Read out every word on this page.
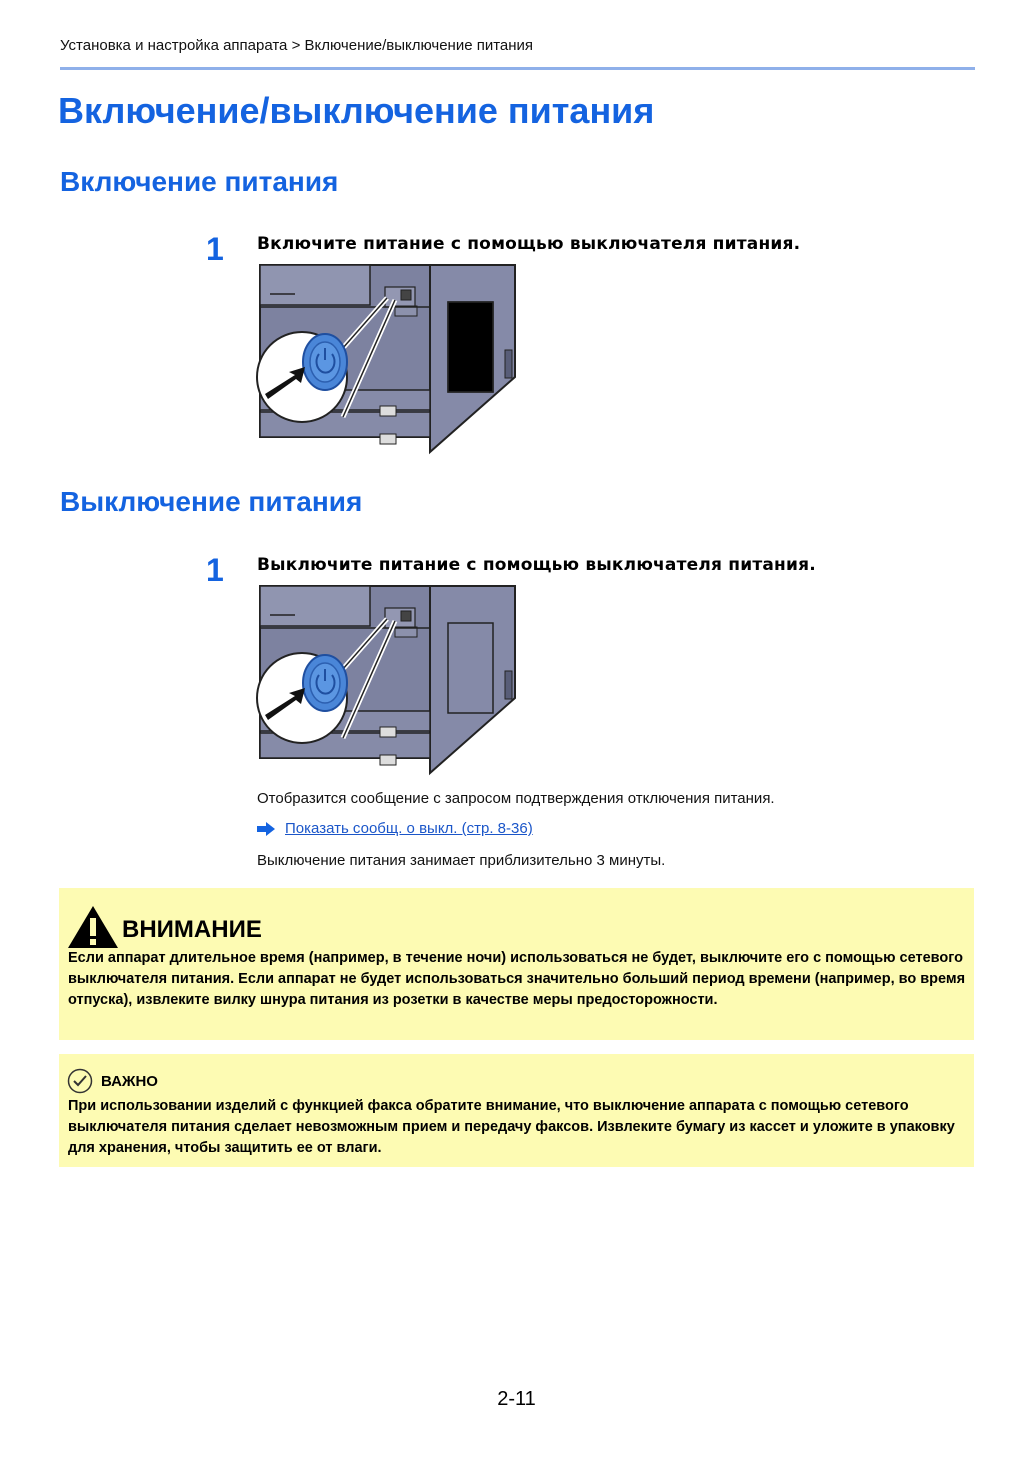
Установка и настройка аппарата > Включение/выключение питания
Включение/выключение питания
Включение питания
1 Включите питание с помощью выключателя питания.
Выключение питания
1 Выключите питание с помощью выключателя питания.
Отобразится сообщение с запросом подтверждения отключения питания.
Показать сообщ. о выкл. (стр. 8-36)
Выключение питания занимает приблизительно 3 минуты.
ВНИМАНИЕ
Если аппарат длительное время (например, в течение ночи) использоваться не будет, выключите его с помощью сетевого выключателя питания. Если аппарат не будет использоваться значительно больший период времени (например, во время отпуска), извлеките вилку шнура питания из розетки в качестве меры предосторожности.
ВАЖНО
При использовании изделий с функцией факса обратите внимание, что выключение аппарата с помощью сетевого выключателя питания сделает невозможным прием и передачу факсов. Извлеките бумагу из кассет и уложите в упаковку для хранения, чтобы защитить ее от влаги.
2-11
